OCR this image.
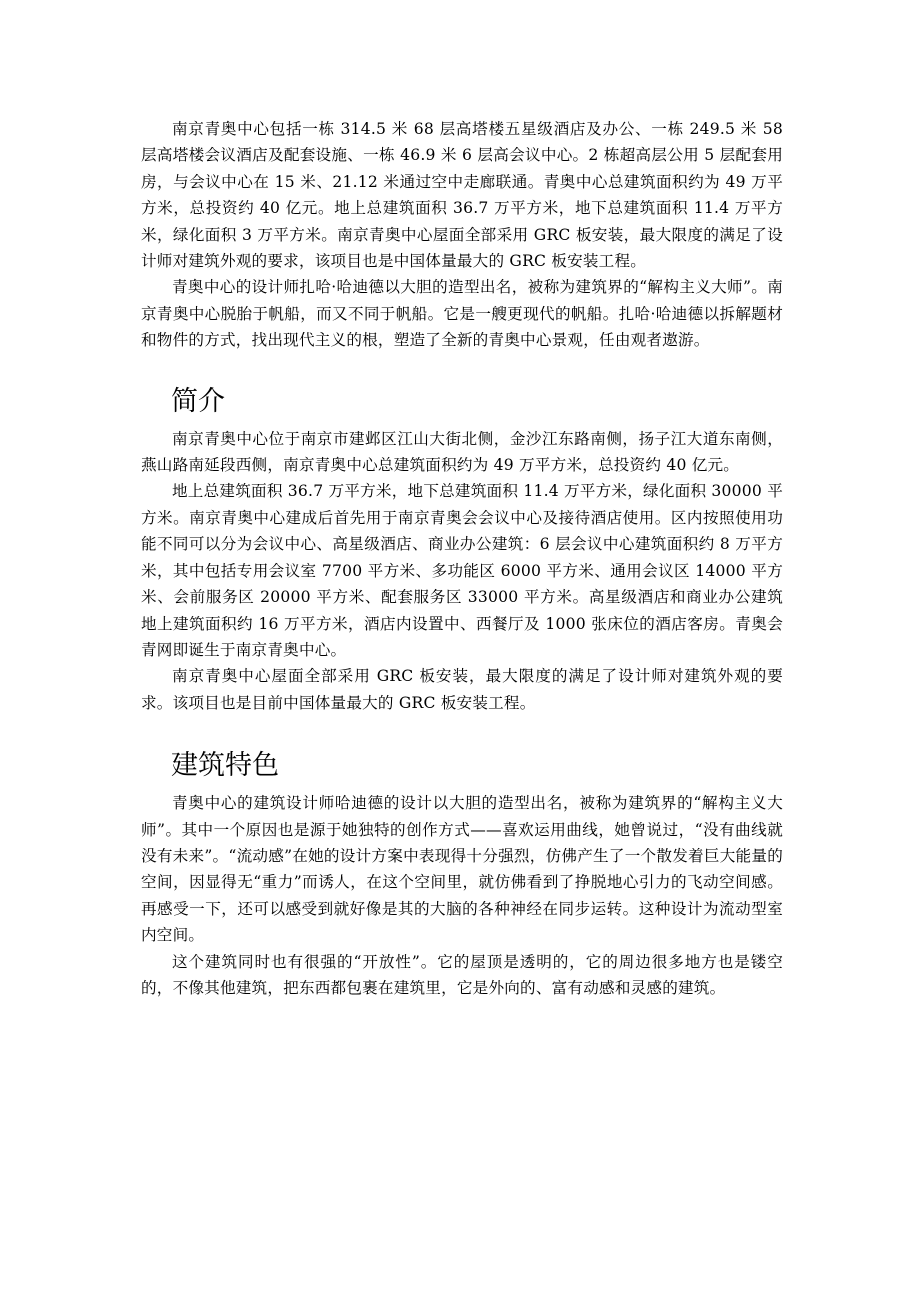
南京青奥中心包括一栋 314.5 米 68 层高塔楼五星级酒店及办公、一栋 249.5 米 58 层高塔楼会议酒店及配套设施、一栋 46.9 米 6 层高会议中心。2 栋超高层公用 5 层配套用房，与会议中心在 15 米、21.12 米通过空中走廊联通。青奥中心总建筑面积约为 49 万平方米，总投资约 40 亿元。地上总建筑面积 36.7 万平方米，地下总建筑面积 11.4 万平方米，绿化面积 3 万平方米。南京青奥中心屋面全部采用 GRC 板安装，最大限度的满足了设计师对建筑外观的要求，该项目也是中国体量最大的 GRC 板安装工程。

青奥中心的设计师扎哈·哈迪德以大胆的造型出名，被称为建筑界的“解构主义大师”。南京青奥中心脱胎于帆船，而又不同于帆船。它是一艘更现代的帆船。扎哈·哈迪德以拆解题材和物件的方式，找出现代主义的根，塑造了全新的青奥中心景观，任由观者遨游。

简介

南京青奥中心位于南京市建邺区江山大街北侧，金沙江东路南侧，扬子江大道东南侧，燕山路南延段西侧，南京青奥中心总建筑面积约为 49 万平方米，总投资约 40 亿元。

地上总建筑面积 36.7 万平方米，地下总建筑面积 11.4 万平方米，绿化面积 30000 平方米。南京青奥中心建成后首先用于南京青奥会会议中心及接待酒店使用。区内按照使用功能不同可以分为会议中心、高星级酒店、商业办公建筑：6 层会议中心建筑面积约 8 万平方米，其中包括专用会议室 7700 平方米、多功能区 6000 平方米、通用会议区 14000 平方米、会前服务区 20000 平方米、配套服务区 33000 平方米。高星级酒店和商业办公建筑地上建筑面积约 16 万平方米，酒店内设置中、西餐厅及 1000 张床位的酒店客房。青奥会青网即诞生于南京青奥中心。

南京青奥中心屋面全部采用 GRC 板安装，最大限度的满足了设计师对建筑外观的要求。该项目也是目前中国体量最大的 GRC 板安装工程。

建筑特色

青奥中心的建筑设计师哈迪德的设计以大胆的造型出名，被称为建筑界的“解构主义大师”。其中一个原因也是源于她独特的创作方式——喜欢运用曲线，她曾说过，“没有曲线就没有未来”。“流动感”在她的设计方案中表现得十分强烈，仿佛产生了一个散发着巨大能量的空间，因显得无“重力”而诱人，在这个空间里，就仿佛看到了挣脱地心引力的飞动空间感。再感受一下，还可以感受到就好像是其的大脑的各种神经在同步运转。这种设计为流动型室内空间。

这个建筑同时也有很强的“开放性”。它的屋顶是透明的，它的周边很多地方也是镂空的，不像其他建筑，把东西都包裹在建筑里，它是外向的、富有动感和灵感的建筑。
